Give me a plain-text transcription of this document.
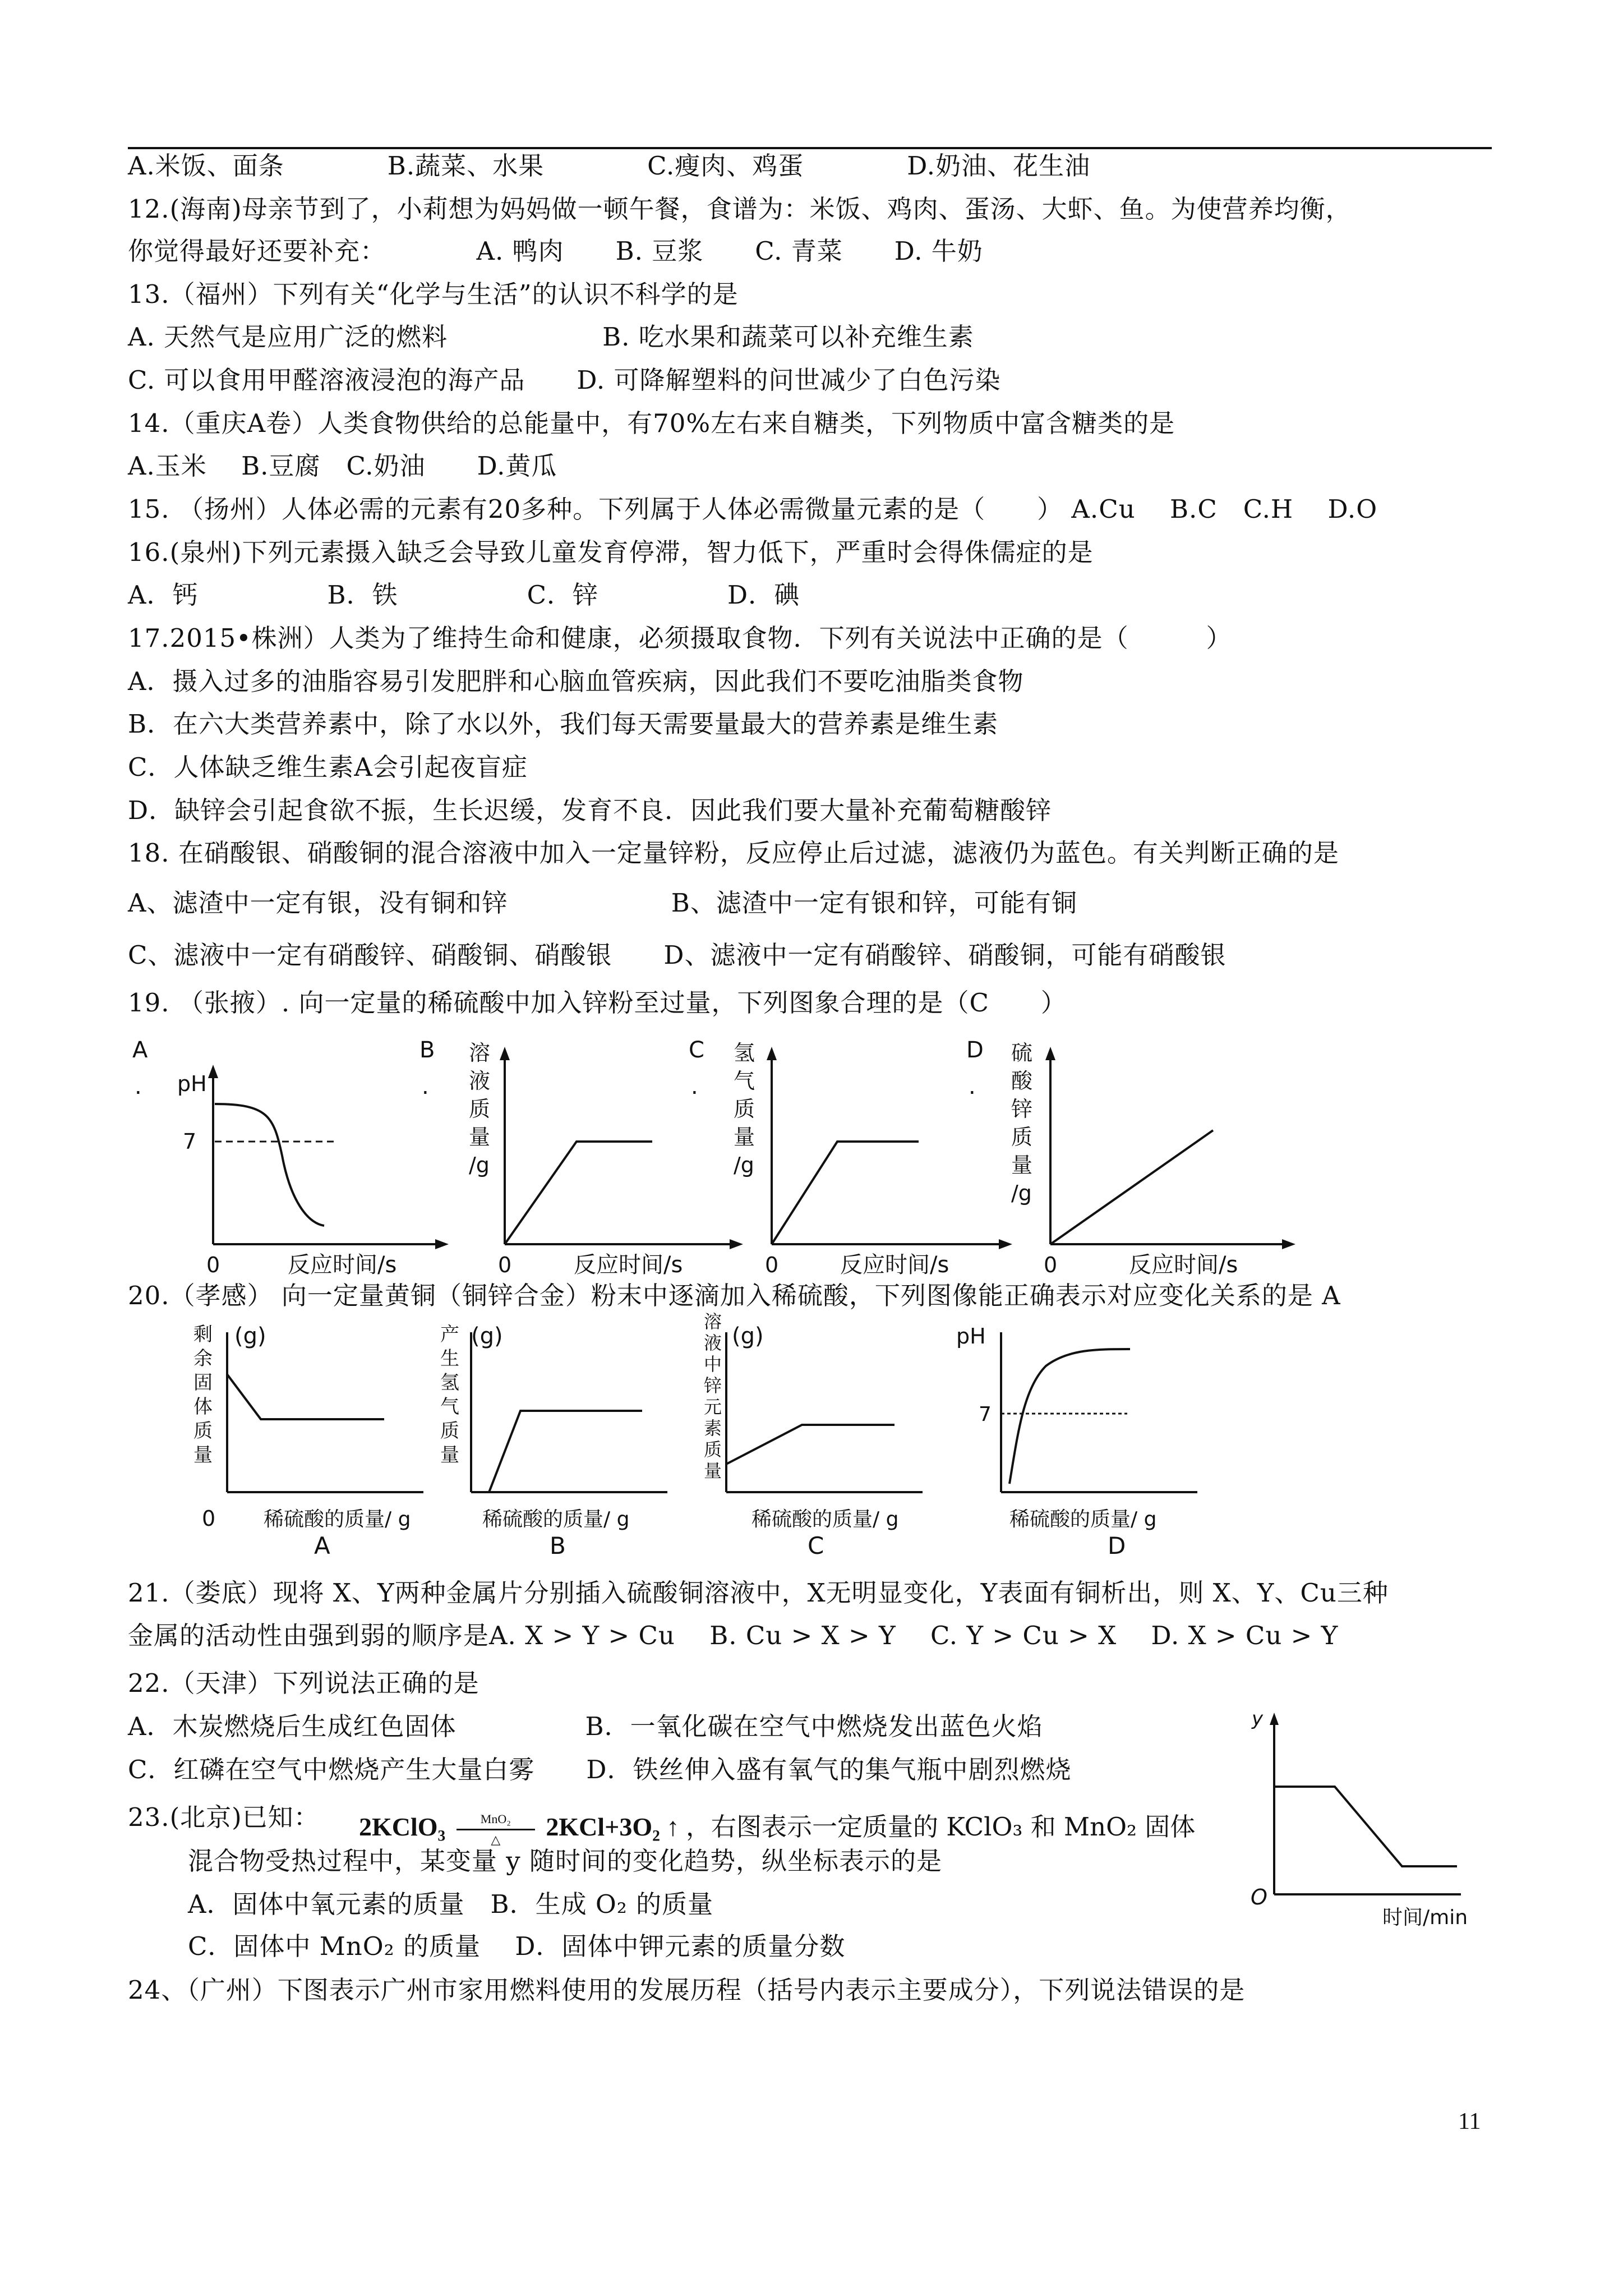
A.米饭、面条　　　　B.蔬菜、水果　　　　C.瘦肉、鸡蛋　　　　D.奶油、花生油
12.(海南)母亲节到了，小莉想为妈妈做一顿午餐，食谱为：米饭、鸡肉、蛋汤、大虾、鱼。为使营养均衡，
你觉得最好还要补充：　　　　A. 鸭肉　　B. 豆浆　　C. 青菜　　D. 牛奶
13.（福州）下列有关“化学与生活”的认识不科学的是
A. 天然气是应用广泛的燃料　　　　　　B. 吃水果和蔬菜可以补充维生素
C. 可以食用甲醛溶液浸泡的海产品　　D. 可降解塑料的问世减少了白色污染
14.（重庆A卷）人类食物供给的总能量中，有70%左右来自糖类，下列物质中富含糖类的是
A.玉米　 B.豆腐　C.奶油　　D.黄瓜
15. （扬州）人体必需的元素有20多种。下列属于人体必需微量元素的是（　　） A.Cu　 B.C　C.H　 D.O
16.(泉州)下列元素摄入缺乏会导致儿童发育停滞，智力低下，严重时会得侏儒症的是
A．钙　　　　　B．铁　　　　　C．锌　　　　　D．碘
17.2015•株洲）人类为了维持生命和健康，必须摄取食物．下列有关说法中正确的是（　　　）
A．摄入过多的油脂容易引发肥胖和心脑血管疾病，因此我们不要吃油脂类食物
B．在六大类营养素中，除了水以外，我们每天需要量最大的营养素是维生素
C．人体缺乏维生素A会引起夜盲症
D．缺锌会引起食欲不振，生长迟缓，发育不良．因此我们要大量补充葡萄糖酸锌
18. 在硝酸银、硝酸铜的混合溶液中加入一定量锌粉，反应停止后过滤，滤液仍为蓝色。有关判断正确的是
A、滤渣中一定有银，没有铜和锌　　　　　　 B、滤渣中一定有银和锌，可能有铜
C、滤液中一定有硝酸锌、硝酸铜、硝酸银　　D、滤液中一定有硝酸锌、硝酸铜，可能有硝酸银
19. （张掖）. 向一定量的稀硫酸中加入锌粉至过量，下列图象合理的是（C　　）
A
. pH
7
0	反应时间/s
B
.
溶
液
质
量
/g
0	反应时间/s
C
.
氢
气
质
量
/g
0	反应时间/s
D
.
硫
酸
锌
质
量
/g
0	反应时间/s
20.（孝感） 向一定量黄铜（铜锌合金）粉末中逐滴加入稀硫酸，下列图像能正确表示对应变化关系的是 A
剩
余
固
体
质
量
(g)
0 稀硫酸的质量/ g
A
产
生
氢
气
质
量
(g)
稀硫酸的质量/ g
B
溶
液
中
锌
元
素
质
量
(g)
稀硫酸的质量/ g
C
pH
7
稀硫酸的质量/ g
D
21.（娄底）现将 X、Y两种金属片分别插入硫酸铜溶液中，X无明显变化，Y表面有铜析出，则 X、Y、Cu三种
金属的活动性由强到弱的顺序是A. X > Y > Cu　 B. Cu > X > Y　 C. Y > Cu > X　 D. X > Cu > Y
22.（天津）下列说法正确的是
A．木炭燃烧后生成红色固体　　　　　B．一氧化碳在空气中燃烧发出蓝色火焰
C．红磷在空气中燃烧产生大量白雾　　D．铁丝伸入盛有氧气的集气瓶中剧烈燃烧
23.(北京)已知： 2KClO₃	MnO₂
△ 2KCl+3O₂ ↑ ，右图表示一定质量的 KClO₃ 和 MnO₂ 固体
混合物受热过程中，某变量 y 随时间的变化趋势，纵坐标表示的是
A．固体中氧元素的质量　B．生成 O₂ 的质量
C．固体中 MnO₂ 的质量　 D．固体中钾元素的质量分数
24、（广州）下图表示广州市家用燃料使用的发展历程（括号内表示主要成分），下列说法错误的是
y
O
时间/min
11
